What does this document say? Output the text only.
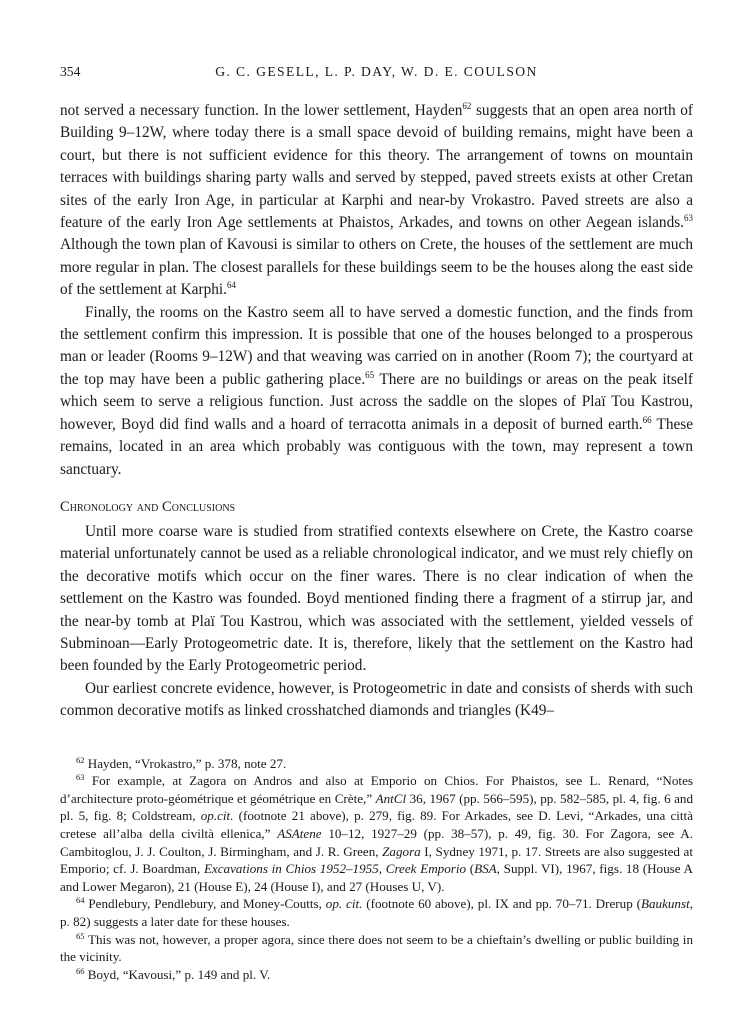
354	G. C. GESELL, L. P. DAY, W. D. E. COULSON

not served a necessary function. In the lower settlement, Hayden$^{62}$ suggests that an open area north of Building 9–12W, where today there is a small space devoid of building remains, might have been a court, but there is not sufficient evidence for this theory. The arrangement of towns on mountain terraces with buildings sharing party walls and served by stepped, paved streets exists at other Cretan sites of the early Iron Age, in particular at Karphi and near-by Vrokastro. Paved streets are also a feature of the early Iron Age settlements at Phaistos, Arkades, and towns on other Aegean islands.$^{63}$ Although the town plan of Kavousi is similar to others on Crete, the houses of the settlement are much more regular in plan. The closest parallels for these buildings seem to be the houses along the east side of the settlement at Karphi.$^{64}$

Finally, the rooms on the Kastro seem all to have served a domestic function, and the finds from the settlement confirm this impression. It is possible that one of the houses belonged to a prosperous man or leader (Rooms 9–12W) and that weaving was carried on in another (Room 7); the courtyard at the top may have been a public gathering place.$^{65}$ There are no buildings or areas on the peak itself which seem to serve a religious function. Just across the saddle on the slopes of Plaï Tou Kastrou, however, Boyd did find walls and a hoard of terracotta animals in a deposit of burned earth.$^{66}$ These remains, located in an area which probably was contiguous with the town, may represent a town sanctuary.

Chronology and Conclusions

Until more coarse ware is studied from stratified contexts elsewhere on Crete, the Kastro coarse material unfortunately cannot be used as a reliable chronological indicator, and we must rely chiefly on the decorative motifs which occur on the finer wares. There is no clear indication of when the settlement on the Kastro was founded. Boyd mentioned finding there a fragment of a stirrup jar, and the near-by tomb at Plaï Tou Kastrou, which was associated with the settlement, yielded vessels of Subminoan—Early Protogeometric date. It is, therefore, likely that the settlement on the Kastro had been founded by the Early Protogeometric period.

Our earliest concrete evidence, however, is Protogeometric in date and consists of sherds with such common decorative motifs as linked crosshatched diamonds and triangles (K49–

$^{62}$ Hayden, “Vrokastro,” p. 378, note 27.

$^{63}$ For example, at Zagora on Andros and also at Emporio on Chios. For Phaistos, see L. Renard, “Notes d’architecture proto-géométrique et géométrique en Crète,” AntCl 36, 1967 (pp. 566–595), pp. 582–585, pl. 4, fig. 6 and pl. 5, fig. 8; Coldstream, op.cit. (footnote 21 above), p. 279, fig. 89. For Arkades, see D. Levi, “Arkades, una città cretese all’alba della civiltà ellenica,” ASAtene 10–12, 1927–29 (pp. 38–57), p. 49, fig. 30. For Zagora, see A. Cambitoglou, J. J. Coulton, J. Birmingham, and J. R. Green, Zagora I, Sydney 1971, p. 17. Streets are also suggested at Emporio; cf. J. Boardman, Excavations in Chios 1952–1955, Creek Emporio (BSA, Suppl. VI), 1967, figs. 18 (House A and Lower Megaron), 21 (House E), 24 (House I), and 27 (Houses U, V).

$^{64}$ Pendlebury, Pendlebury, and Money-Coutts, op. cit. (footnote 60 above), pl. IX and pp. 70–71. Drerup (Baukunst, p. 82) suggests a later date for these houses.

$^{65}$ This was not, however, a proper agora, since there does not seem to be a chieftain’s dwelling or public building in the vicinity.

$^{66}$ Boyd, “Kavousi,” p. 149 and pl. V.
